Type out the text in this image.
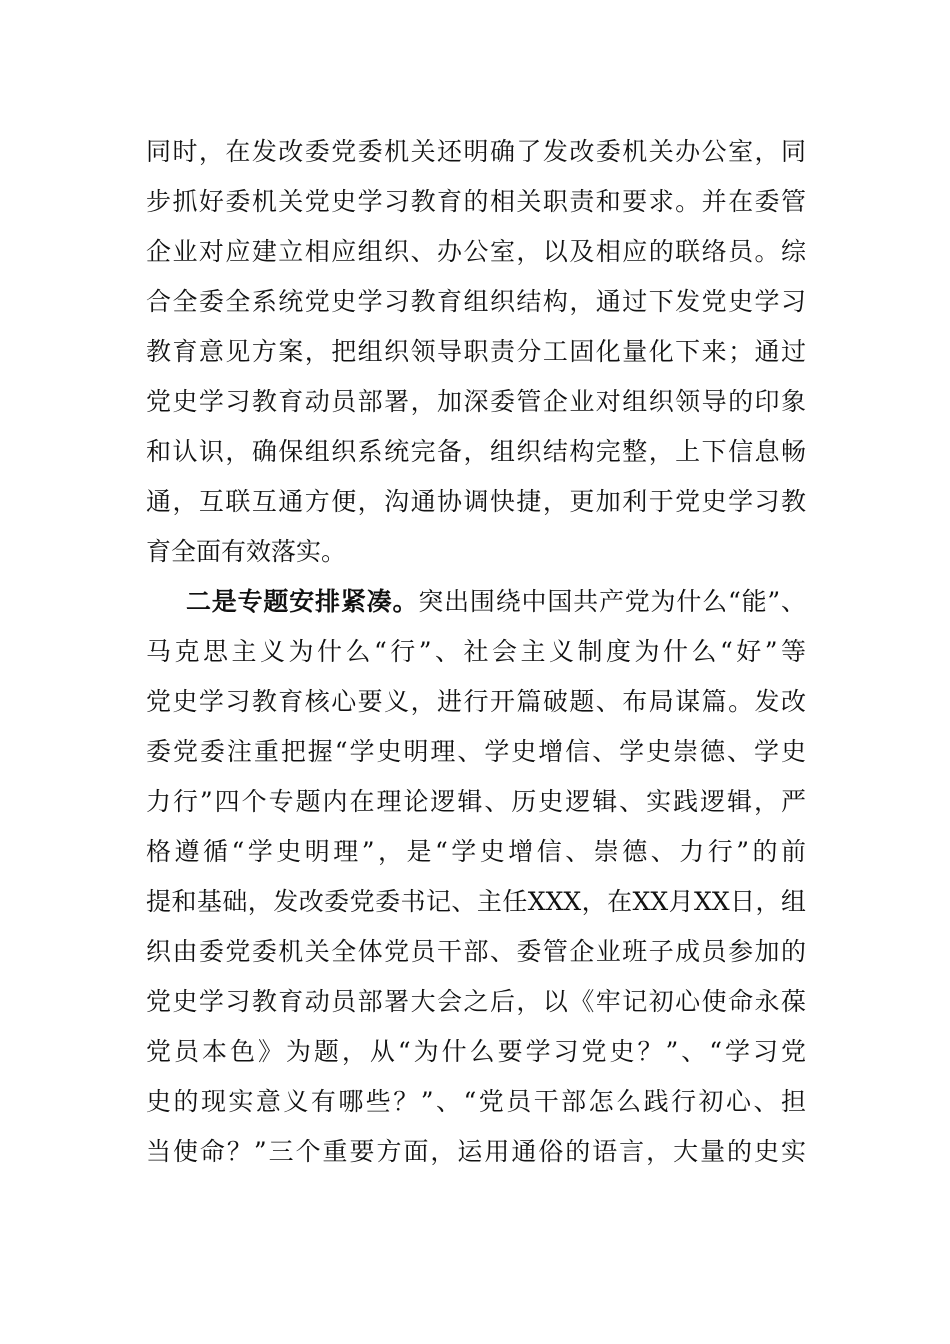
同时，在发改委党委机关还明确了发改委机关办公室，同
步抓好委机关党史学习教育的相关职责和要求。并在委管
企业对应建立相应组织、办公室，以及相应的联络员。综
合全委全系统党史学习教育组织结构，通过下发党史学习
教育意见方案，把组织领导职责分工固化量化下来；通过
党史学习教育动员部署，加深委管企业对组织领导的印象
和认识，确保组织系统完备，组织结构完整，上下信息畅
通，互联互通方便，沟通协调快捷，更加利于党史学习教
育全面有效落实。
二是专题安排紧凑。突出围绕中国共产党为什么“能”、
马克思主义为什么“行”、社会主义制度为什么“好”等
党史学习教育核心要义，进行开篇破题、布局谋篇。发改
委党委注重把握“学史明理、学史增信、学史崇德、学史
力行”四个专题内在理论逻辑、历史逻辑、实践逻辑，严
格遵循“学史明理”，是“学史增信、崇德、力行”的前
提和基础，发改委党委书记、主任XXX，在XX月XX日，组
织由委党委机关全体党员干部、委管企业班子成员参加的
党史学习教育动员部署大会之后，以《牢记初心使命永葆
党员本色》为题，从“为什么要学习党史？”、“学习党
史的现实意义有哪些？”、“党员干部怎么践行初心、担
当使命？”三个重要方面，运用通俗的语言，大量的史实
